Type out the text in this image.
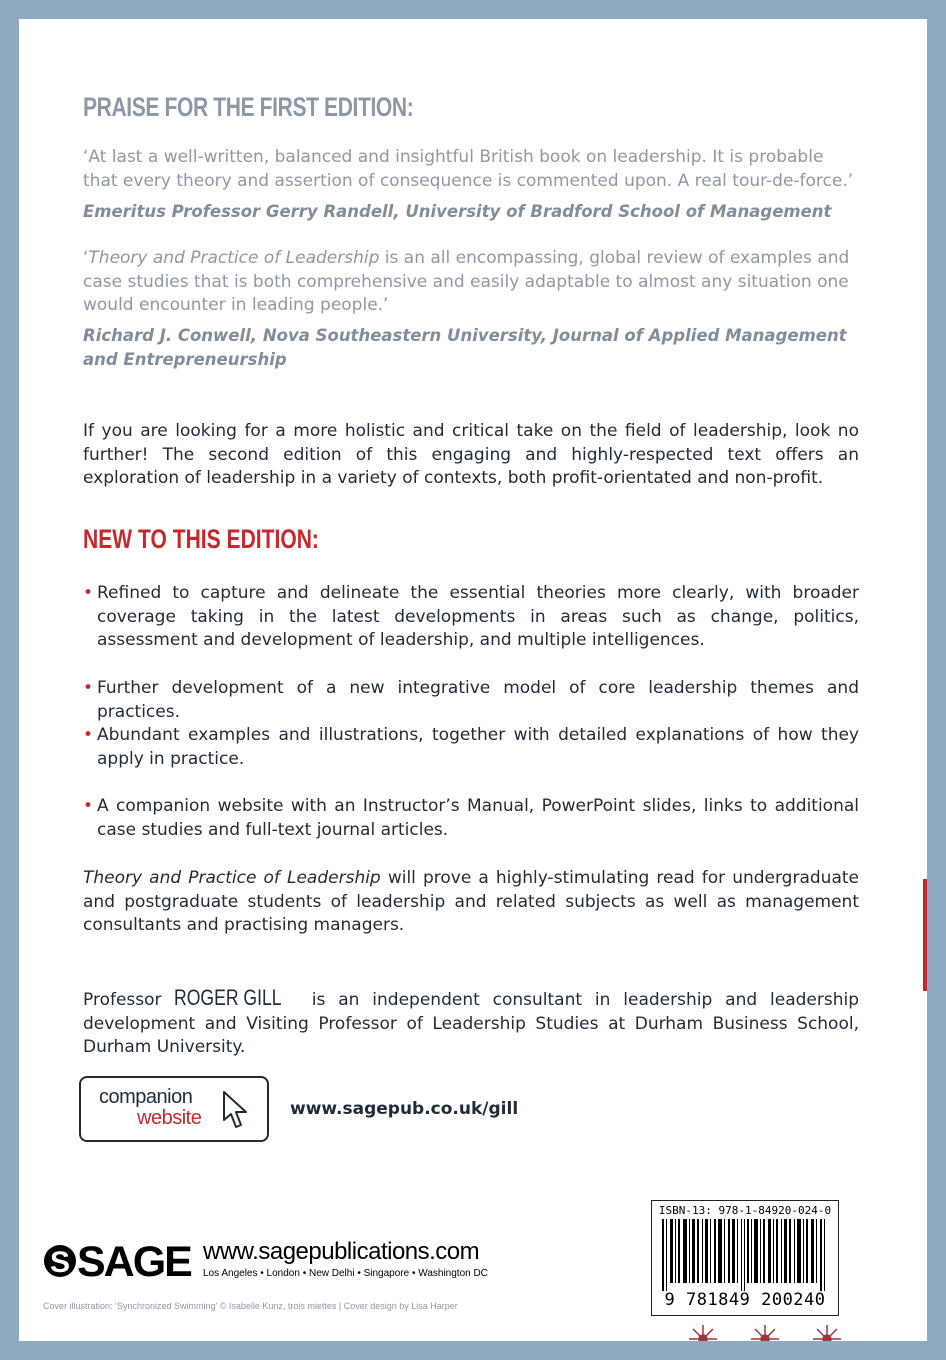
PRAISE FOR THE FIRST EDITION:

‘At last a well-written, balanced and insightful British book on leadership. It is probable that every theory and assertion of consequence is commented upon. A real tour-de-force.’

Emeritus Professor Gerry Randell, University of Bradford School of Management

‘Theory and Practice of Leadership is an all encompassing, global review of examples and case studies that is both comprehensive and easily adaptable to almost any situation one would encounter in leading people.’

Richard J. Conwell, Nova Southeastern University, Journal of Applied Management and Entrepreneurship

If you are looking for a more holistic and critical take on the field of leadership, look no further! The second edition of this engaging and highly-respected text offers an exploration of leadership in a variety of contexts, both profit-orientated and non-profit.

NEW TO THIS EDITION:
• Refined to capture and delineate the essential theories more clearly, with broader coverage taking in the latest developments in areas such as change, politics, assessment and development of leadership, and multiple intelligences.
• Further development of a new integrative model of core leadership themes and practices.
• Abundant examples and illustrations, together with detailed explanations of how they apply in practice.
• A companion website with an Instructor’s Manual, PowerPoint slides, links to additional case studies and full-text journal articles.

Theory and Practice of Leadership will prove a highly-stimulating read for undergraduate and postgraduate students of leadership and related subjects as well as management consultants and practising managers.

Professor ROGER GILL is an independent consultant in leadership and leadership development and Visiting Professor of Leadership Studies at Durham Business School, Durham University.

companion
website	www.sagepub.co.uk/gill
S SAGE www.sagepublications.com
Los Angeles • London • New Delhi • Singapore • Washington DC
Cover illustration: ‘Synchronized Swimming’ © Isabelle Kunz, trois miettes | Cover design by Lisa Harper
ISBN-13: 978-1-84920-024-0
9 781849 200240
